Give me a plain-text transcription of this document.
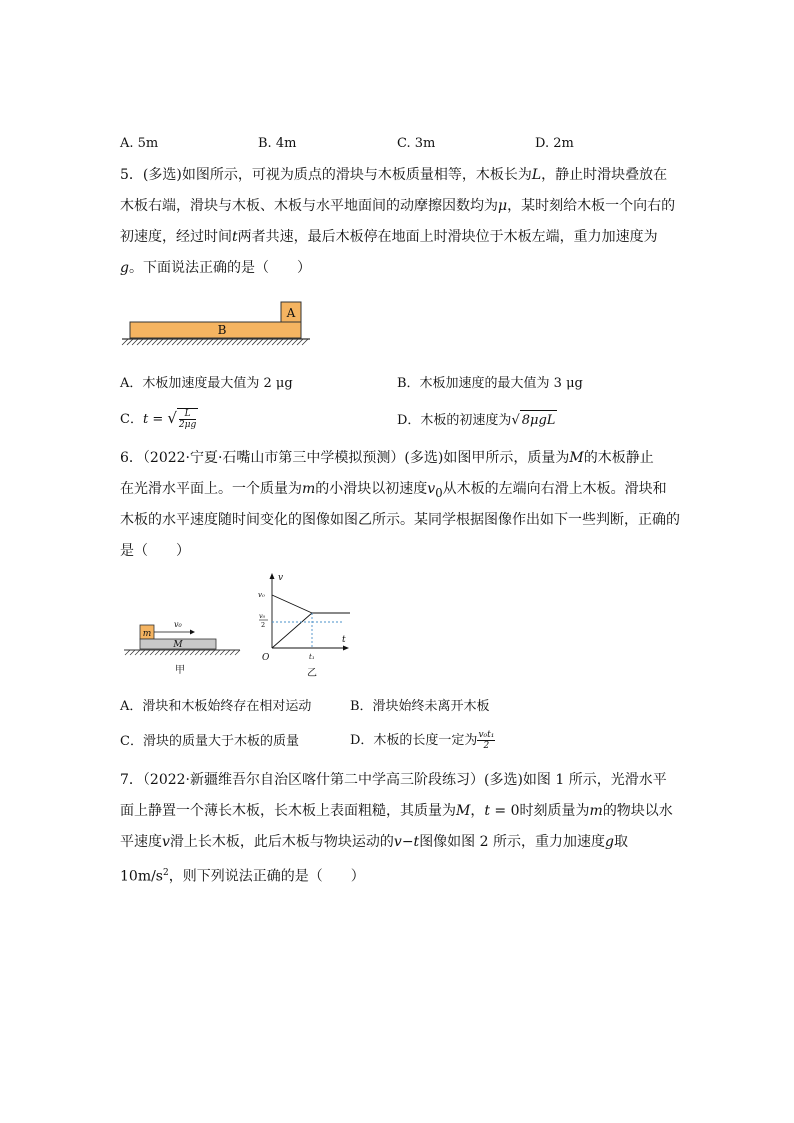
A. 5m	B. 4m	C. 3m	D. 2m
5．(多选)如图所示，可视为质点的滑块与木板质量相等，木板长为L，静止时滑块叠放在
木板右端，滑块与木板、木板与水平地面间的动摩擦因数均为μ，某时刻给木板一个向右的
初速度，经过时间t两者共速，最后木板停在地面上时滑块位于木板左端，重力加速度为
g。下面说法正确的是（　　）
A
B
A．木板加速度最大值为 2 μg	B．木板加速度的最大值为 3 μg
C．t = √ $\frac{L}{2\mu g}$	D．木板的初速度为√ 8μgL
6．（2022·宁夏·石嘴山市第三中学模拟预测）(多选)如图甲所示，质量为M的木板静止
在光滑水平面上。一个质量为m的小滑块以初速度$v_0$从木板的左端向右滑上木板。滑块和
木板的水平速度随时间变化的图像如图乙所示。某同学根据图像作出如下一些判断，正确的
是（　　）
m
v₀
M
甲
v
t
O
v₀
v₀
2
t₁
乙
A．滑块和木板始终存在相对运动	B．滑块始终未离开木板
C．滑块的质量大于木板的质量	D．木板的长度一定为 $\frac{\text{v₀t₁}}{2}$
7．（2022·新疆维吾尔自治区喀什第二中学高三阶段练习）(多选)如图 1 所示，光滑水平
面上静置一个薄长木板，长木板上表面粗糙，其质量为M，t = 0时刻质量为m的物块以水
平速度v滑上长木板，此后木板与物块运动的v−t图像如图 2 所示，重力加速度g取
$10m/s^2$，则下列说法正确的是（　　）
